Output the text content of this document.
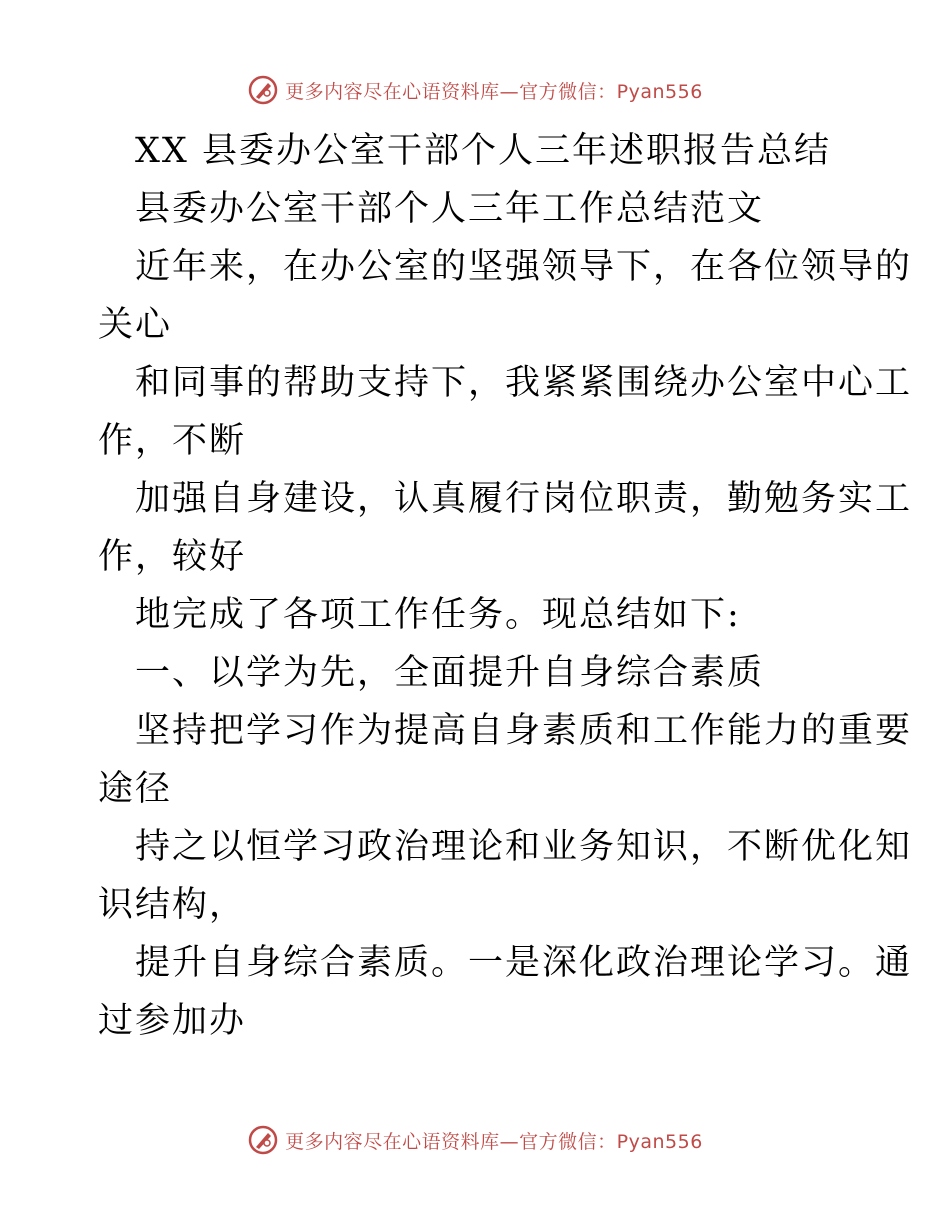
更多内容尽在心语资料库—官方微信：Pyan556
XX 县委办公室干部个人三年述职报告总结
县委办公室干部个人三年工作总结范文
近年来，在办公室的坚强领导下，在各位领导的
关心
和同事的帮助支持下，我紧紧围绕办公室中心工
作，不断
加强自身建设，认真履行岗位职责，勤勉务实工
作，较好
地完成了各项工作任务。现总结如下:
一、以学为先，全面提升自身综合素质
坚持把学习作为提高自身素质和工作能力的重要
途径
持之以恒学习政治理论和业务知识，不断优化知
识结构，
提升自身综合素质。一是深化政治理论学习。通
过参加办
更多内容尽在心语资料库—官方微信：Pyan556
